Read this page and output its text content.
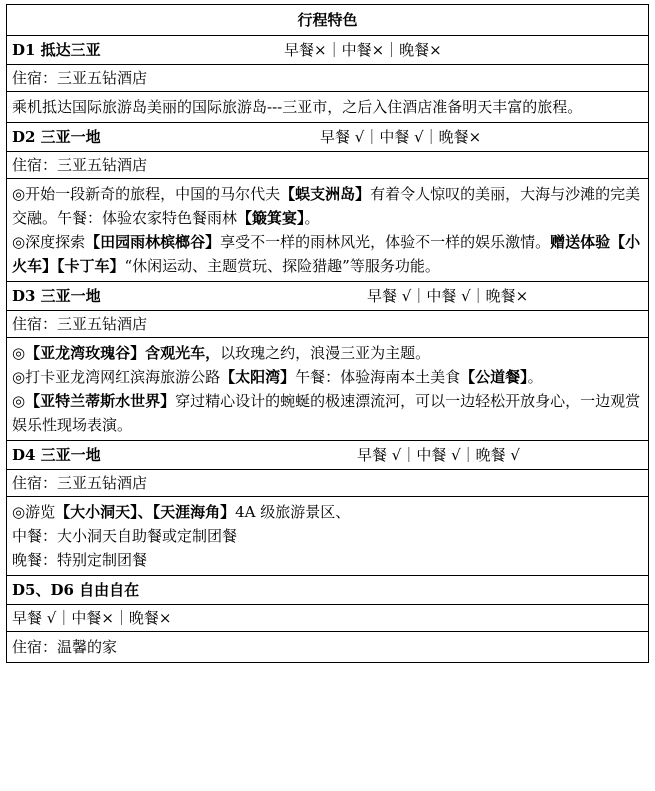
行程特色

D1 抵达三亚	早餐×｜中餐×｜晚餐×

住宿：三亚五钻酒店

乘机抵达国际旅游岛美丽的国际旅游岛---三亚市，之后入住酒店准备明天丰富的旅程。

D2 三亚一地	早餐 √｜中餐 √｜晚餐×

住宿：三亚五钻酒店

◎开始一段新奇的旅程，中国的马尔代夫【蜈支洲岛】有着令人惊叹的美丽，大海与沙滩的完美交融。午餐：体验农家特色餐雨林【簸箕宴】。

◎深度探索【田园雨林槟榔谷】享受不一样的雨林风光，体验不一样的娱乐激情。赠送体验【小火车】【卡丁车】“休闲运动、主题赏玩、探险猎趣”等服务功能。

D3 三亚一地	早餐 √｜中餐 √｜晚餐×

住宿：三亚五钻酒店

◎【亚龙湾玫瑰谷】含观光车，以玫瑰之约，浪漫三亚为主题。

◎打卡亚龙湾网红滨海旅游公路【太阳湾】午餐：体验海南本土美食【公道餐】。

◎【亚特兰蒂斯水世界】穿过精心设计的蜿蜒的极速漂流河，可以一边轻松开放身心，一边观赏娱乐性现场表演。

D4 三亚一地	早餐 √｜中餐 √｜晚餐 √

住宿：三亚五钻酒店

◎游览【大小洞天】、【天涯海角】4A 级旅游景区、

中餐：大小洞天自助餐或定制团餐

晚餐：特别定制团餐

D5、D6 自由自在
早餐 √｜中餐×｜晚餐×
住宿：温馨的家
